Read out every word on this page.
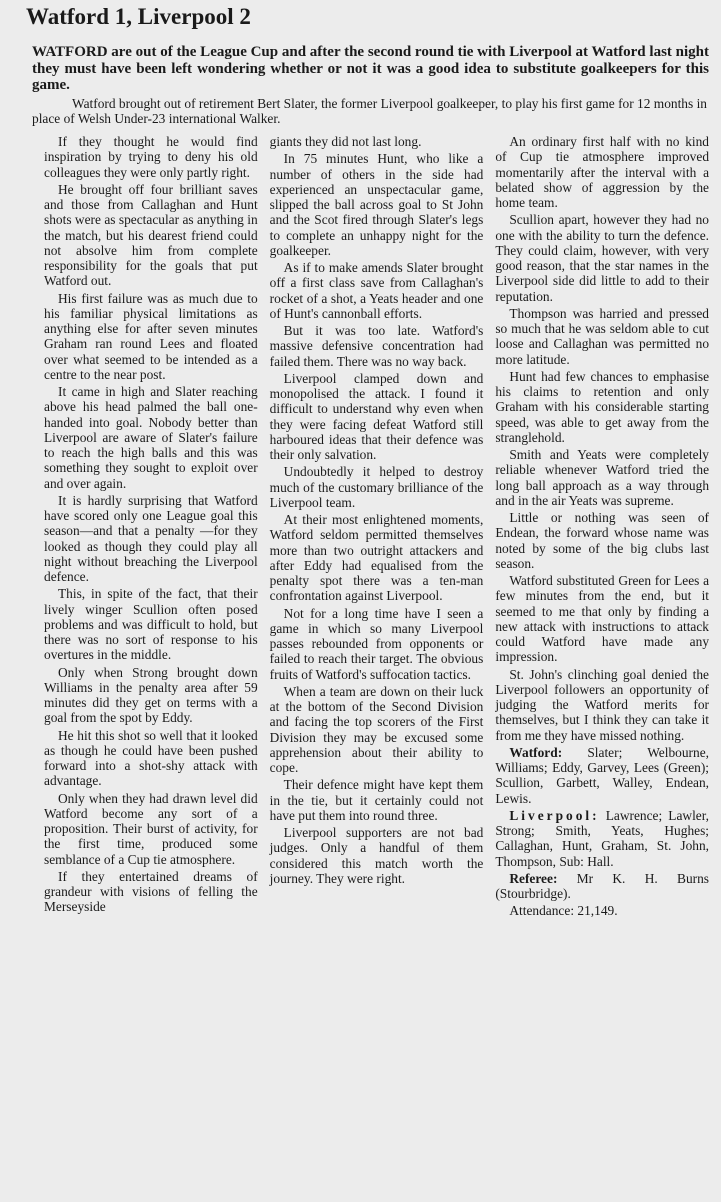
Watford 1, Liverpool 2
WATFORD are out of the League Cup and after the second round tie with Liverpool at Watford last night they must have been left wondering whether or not it was a good idea to substitute goalkeepers for this game.
Watford brought out of retirement Bert Slater, the former Liverpool goalkeeper, to play his first game for 12 months in place of Welsh Under-23 international Walker.

If they thought he would find inspiration by trying to deny his old colleagues they were only partly right.

He brought off four brilliant saves and those from Callaghan and Hunt shots were as spectacular as anything in the match, but his dearest friend could not absolve him from complete responsibility for the goals that put Watford out.

His first failure was as much due to his familiar physical limitations as anything else for after seven minutes Graham ran round Lees and floated over what seemed to be intended as a centre to the near post.

It came in high and Slater reaching above his head palmed the ball one-handed into goal. Nobody better than Liverpool are aware of Slater's failure to reach the high balls and this was something they sought to exploit over and over again.

It is hardly surprising that Watford have scored only one League goal this season—and that a penalty —for they looked as though they could play all night without breaching the Liverpool defence.

This, in spite of the fact, that their lively winger Scullion often posed problems and was difficult to hold, but there was no sort of response to his overtures in the middle.

Only when Strong brought down Williams in the penalty area after 59 minutes did they get on terms with a goal from the spot by Eddy.

He hit this shot so well that it looked as though he could have been pushed forward into a shot-shy attack with advantage.

Only when they had drawn level did Watford become any sort of a proposition. Their burst of activity, for the first time, produced some semblance of a Cup tie atmosphere.

If they entertained dreams of grandeur with visions of felling the Merseyside

giants they did not last long.

In 75 minutes Hunt, who like a number of others in the side had experienced an unspectacular game, slipped the ball across goal to St John and the Scot fired through Slater's legs to complete an unhappy night for the goalkeeper.

As if to make amends Slater brought off a first class save from Callaghan's rocket of a shot, a Yeats header and one of Hunt's cannonball efforts.

But it was too late. Watford's massive defensive concentration had failed them. There was no way back.

Liverpool clamped down and monopolised the attack. I found it difficult to understand why even when they were facing defeat Watford still harboured ideas that their defence was their only salvation.

Undoubtedly it helped to destroy much of the customary brilliance of the Liverpool team.

At their most enlightened moments, Watford seldom permitted themselves more than two outright attackers and after Eddy had equalised from the penalty spot there was a ten-man confrontation against Liverpool.

Not for a long time have I seen a game in which so many Liverpool passes rebounded from opponents or failed to reach their target. The obvious fruits of Watford's suffocation tactics.

When a team are down on their luck at the bottom of the Second Division and facing the top scorers of the First Division they may be excused some apprehension about their ability to cope.

Their defence might have kept them in the tie, but it certainly could not have put them into round three.

Liverpool supporters are not bad judges. Only a handful of them considered this match worth the journey. They were right.

An ordinary first half with no kind of Cup tie atmosphere improved momentarily after the interval with a belated show of aggression by the home team.

Scullion apart, however they had no one with the ability to turn the defence. They could claim, however, with very good reason, that the star names in the Liverpool side did little to add to their reputation.

Thompson was harried and pressed so much that he was seldom able to cut loose and Callaghan was permitted no more latitude.

Hunt had few chances to emphasise his claims to retention and only Graham with his considerable starting speed, was able to get away from the stranglehold.

Smith and Yeats were completely reliable whenever Watford tried the long ball approach as a way through and in the air Yeats was supreme.

Little or nothing was seen of Endean, the forward whose name was noted by some of the big clubs last season.

Watford substituted Green for Lees a few minutes from the end, but it seemed to me that only by finding a new attack with instructions to attack could Watford have made any impression.

St. John's clinching goal denied the Liverpool followers an opportunity of judging the Watford merits for themselves, but I think they can take it from me they have missed nothing.

Watford: Slater; Welbourne, Williams; Eddy, Garvey, Lees (Green); Scullion, Garbett, Walley, Endean, Lewis.

Liverpool: Lawrence; Lawler, Strong; Smith, Yeats, Hughes; Callaghan, Hunt, Graham, St. John, Thompson, Sub: Hall.

Referee: Mr K. H. Burns (Stourbridge).

Attendance: 21,149.
